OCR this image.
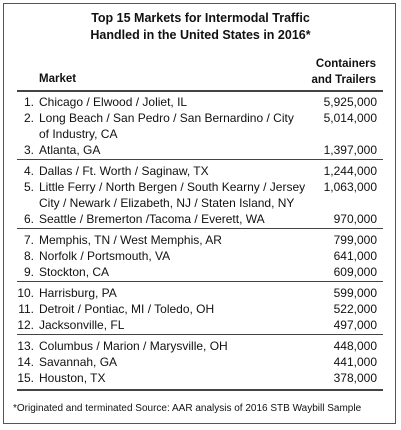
Top 15 Markets for Intermodal Traffic
Handled in the United States in 2016*
Market
Containers
and Trailers
1. Chicago / Elwood / Joliet, IL	5,925,000
2. Long Beach / San Pedro / San Bernardino / City
of Industry, CA
5,014,000
3. Atlanta, GA	1,397,000
4. Dallas / Ft. Worth / Saginaw, TX	1,244,000
5. Little Ferry / North Bergen / South Kearny / Jersey
City / Newark / Elizabeth, NJ / Staten Island, NY
1,063,000
6. Seattle / Bremerton /Tacoma / Everett, WA	970,000
7. Memphis, TN / West Memphis, AR	799,000
8. Norfolk / Portsmouth, VA	641,000
9. Stockton, CA	609,000
10. Harrisburg, PA	599,000
11. Detroit / Pontiac, MI / Toledo, OH	522,000
12. Jacksonville, FL	497,000
13. Columbus / Marion / Marysville, OH	448,000
14. Savannah, GA	441,000
15. Houston, TX	378,000
*Originated and terminated Source: AAR analysis of 2016 STB Waybill Sample
